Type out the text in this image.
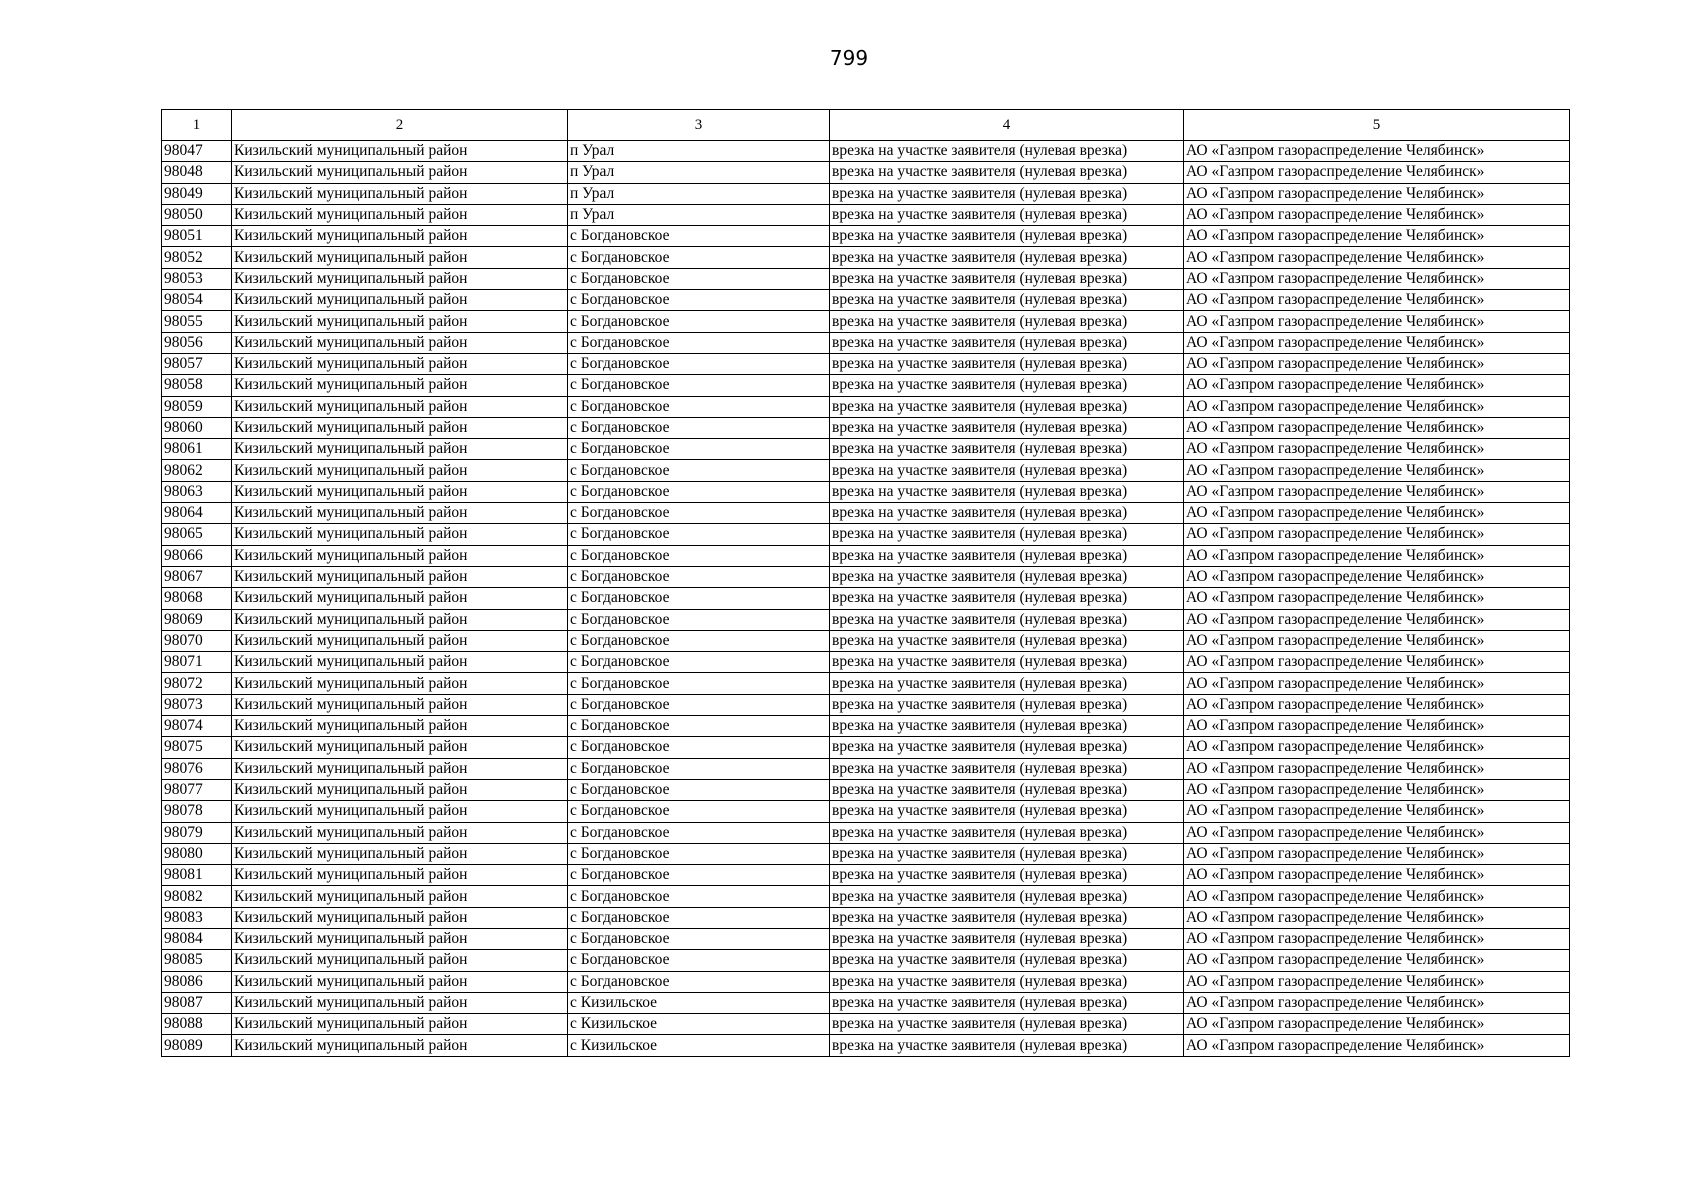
799
1	2	3	4	5
98047	Кизильский муниципальный район	п Урал	врезка на участке заявителя (нулевая врезка)	АО «Газпром газораспределение Челябинск»
98048	Кизильский муниципальный район	п Урал	врезка на участке заявителя (нулевая врезка)	АО «Газпром газораспределение Челябинск»
98049	Кизильский муниципальный район	п Урал	врезка на участке заявителя (нулевая врезка)	АО «Газпром газораспределение Челябинск»
98050	Кизильский муниципальный район	п Урал	врезка на участке заявителя (нулевая врезка)	АО «Газпром газораспределение Челябинск»
98051	Кизильский муниципальный район	с Богдановское	врезка на участке заявителя (нулевая врезка)	АО «Газпром газораспределение Челябинск»
98052	Кизильский муниципальный район	с Богдановское	врезка на участке заявителя (нулевая врезка)	АО «Газпром газораспределение Челябинск»
98053	Кизильский муниципальный район	с Богдановское	врезка на участке заявителя (нулевая врезка)	АО «Газпром газораспределение Челябинск»
98054	Кизильский муниципальный район	с Богдановское	врезка на участке заявителя (нулевая врезка)	АО «Газпром газораспределение Челябинск»
98055	Кизильский муниципальный район	с Богдановское	врезка на участке заявителя (нулевая врезка)	АО «Газпром газораспределение Челябинск»
98056	Кизильский муниципальный район	с Богдановское	врезка на участке заявителя (нулевая врезка)	АО «Газпром газораспределение Челябинск»
98057	Кизильский муниципальный район	с Богдановское	врезка на участке заявителя (нулевая врезка)	АО «Газпром газораспределение Челябинск»
98058	Кизильский муниципальный район	с Богдановское	врезка на участке заявителя (нулевая врезка)	АО «Газпром газораспределение Челябинск»
98059	Кизильский муниципальный район	с Богдановское	врезка на участке заявителя (нулевая врезка)	АО «Газпром газораспределение Челябинск»
98060	Кизильский муниципальный район	с Богдановское	врезка на участке заявителя (нулевая врезка)	АО «Газпром газораспределение Челябинск»
98061	Кизильский муниципальный район	с Богдановское	врезка на участке заявителя (нулевая врезка)	АО «Газпром газораспределение Челябинск»
98062	Кизильский муниципальный район	с Богдановское	врезка на участке заявителя (нулевая врезка)	АО «Газпром газораспределение Челябинск»
98063	Кизильский муниципальный район	с Богдановское	врезка на участке заявителя (нулевая врезка)	АО «Газпром газораспределение Челябинск»
98064	Кизильский муниципальный район	с Богдановское	врезка на участке заявителя (нулевая врезка)	АО «Газпром газораспределение Челябинск»
98065	Кизильский муниципальный район	с Богдановское	врезка на участке заявителя (нулевая врезка)	АО «Газпром газораспределение Челябинск»
98066	Кизильский муниципальный район	с Богдановское	врезка на участке заявителя (нулевая врезка)	АО «Газпром газораспределение Челябинск»
98067	Кизильский муниципальный район	с Богдановское	врезка на участке заявителя (нулевая врезка)	АО «Газпром газораспределение Челябинск»
98068	Кизильский муниципальный район	с Богдановское	врезка на участке заявителя (нулевая врезка)	АО «Газпром газораспределение Челябинск»
98069	Кизильский муниципальный район	с Богдановское	врезка на участке заявителя (нулевая врезка)	АО «Газпром газораспределение Челябинск»
98070	Кизильский муниципальный район	с Богдановское	врезка на участке заявителя (нулевая врезка)	АО «Газпром газораспределение Челябинск»
98071	Кизильский муниципальный район	с Богдановское	врезка на участке заявителя (нулевая врезка)	АО «Газпром газораспределение Челябинск»
98072	Кизильский муниципальный район	с Богдановское	врезка на участке заявителя (нулевая врезка)	АО «Газпром газораспределение Челябинск»
98073	Кизильский муниципальный район	с Богдановское	врезка на участке заявителя (нулевая врезка)	АО «Газпром газораспределение Челябинск»
98074	Кизильский муниципальный район	с Богдановское	врезка на участке заявителя (нулевая врезка)	АО «Газпром газораспределение Челябинск»
98075	Кизильский муниципальный район	с Богдановское	врезка на участке заявителя (нулевая врезка)	АО «Газпром газораспределение Челябинск»
98076	Кизильский муниципальный район	с Богдановское	врезка на участке заявителя (нулевая врезка)	АО «Газпром газораспределение Челябинск»
98077	Кизильский муниципальный район	с Богдановское	врезка на участке заявителя (нулевая врезка)	АО «Газпром газораспределение Челябинск»
98078	Кизильский муниципальный район	с Богдановское	врезка на участке заявителя (нулевая врезка)	АО «Газпром газораспределение Челябинск»
98079	Кизильский муниципальный район	с Богдановское	врезка на участке заявителя (нулевая врезка)	АО «Газпром газораспределение Челябинск»
98080	Кизильский муниципальный район	с Богдановское	врезка на участке заявителя (нулевая врезка)	АО «Газпром газораспределение Челябинск»
98081	Кизильский муниципальный район	с Богдановское	врезка на участке заявителя (нулевая врезка)	АО «Газпром газораспределение Челябинск»
98082	Кизильский муниципальный район	с Богдановское	врезка на участке заявителя (нулевая врезка)	АО «Газпром газораспределение Челябинск»
98083	Кизильский муниципальный район	с Богдановское	врезка на участке заявителя (нулевая врезка)	АО «Газпром газораспределение Челябинск»
98084	Кизильский муниципальный район	с Богдановское	врезка на участке заявителя (нулевая врезка)	АО «Газпром газораспределение Челябинск»
98085	Кизильский муниципальный район	с Богдановское	врезка на участке заявителя (нулевая врезка)	АО «Газпром газораспределение Челябинск»
98086	Кизильский муниципальный район	с Богдановское	врезка на участке заявителя (нулевая врезка)	АО «Газпром газораспределение Челябинск»
98087	Кизильский муниципальный район	с Кизильское	врезка на участке заявителя (нулевая врезка)	АО «Газпром газораспределение Челябинск»
98088	Кизильский муниципальный район	с Кизильское	врезка на участке заявителя (нулевая врезка)	АО «Газпром газораспределение Челябинск»
98089	Кизильский муниципальный район	с Кизильское	врезка на участке заявителя (нулевая врезка)	АО «Газпром газораспределение Челябинск»
